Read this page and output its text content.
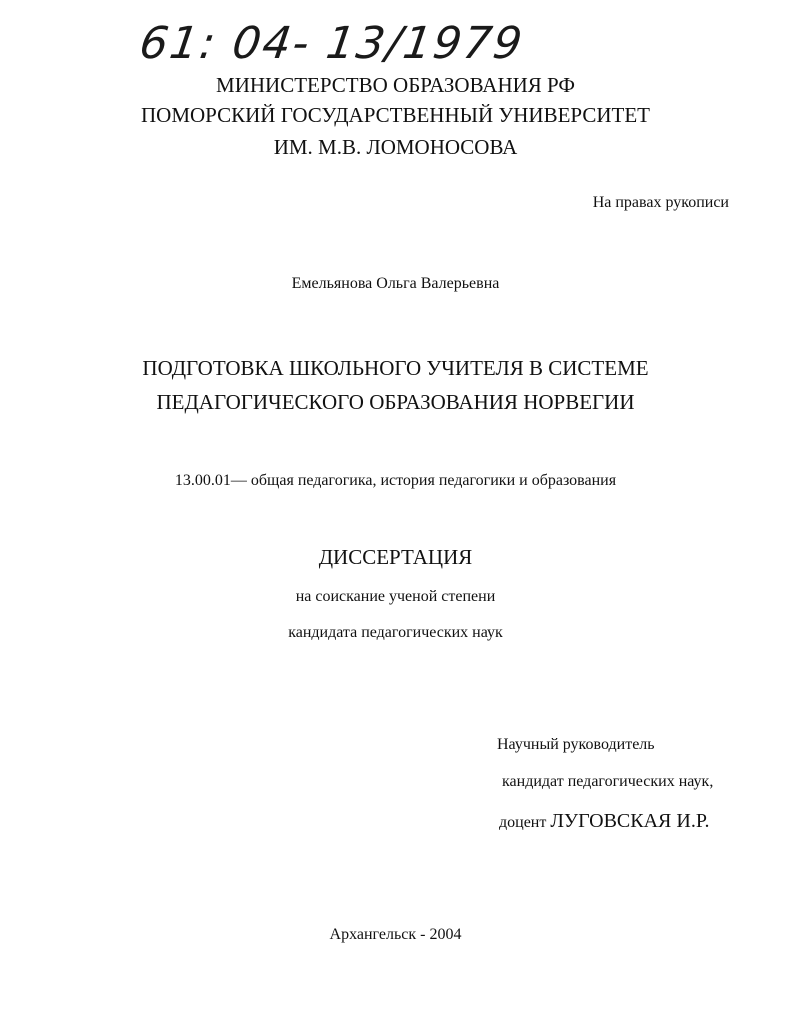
61: 04- 13/1979
МИНИСТЕРСТВО ОБРАЗОВАНИЯ РФ
ПОМОРСКИЙ ГОСУДАРСТВЕННЫЙ УНИВЕРСИТЕТ
ИМ. М.В. ЛОМОНОСОВА
На правах рукописи
Емельянова Ольга Валерьевна
ПОДГОТОВКА ШКОЛЬНОГО УЧИТЕЛЯ В СИСТЕМЕ
ПЕДАГОГИЧЕСКОГО ОБРАЗОВАНИЯ НОРВЕГИИ
13.00.01— общая педагогика, история педагогики и образования
ДИССЕРТАЦИЯ
на соискание ученой степени
кандидата педагогических наук
Научный руководитель
кандидат педагогических наук,
доцент ЛУГОВСКАЯ И.Р.
Архангельск - 2004
